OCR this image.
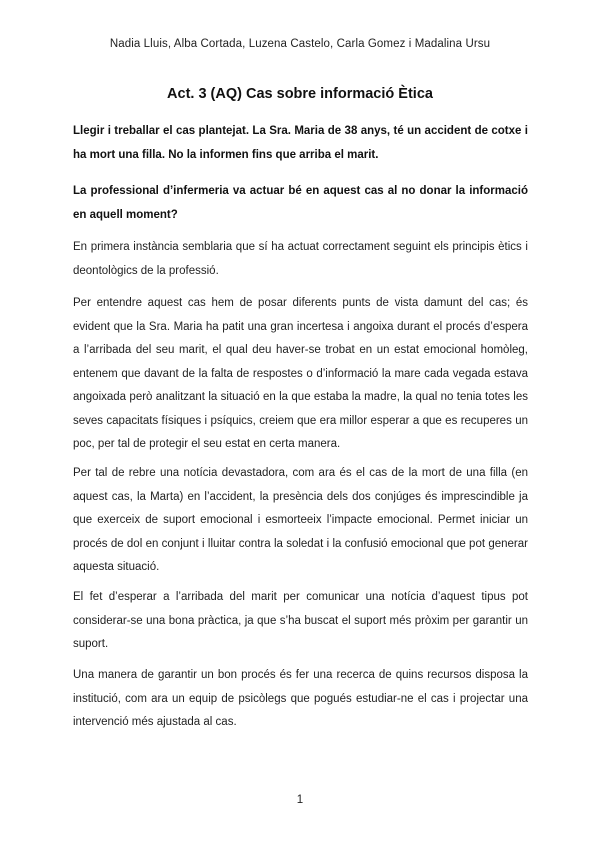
Nadia Lluis, Alba Cortada, Luzena Castelo, Carla Gomez i Madalina Ursu
Act. 3 (AQ) Cas sobre informació Ètica
Llegir i treballar el cas plantejat. La Sra. Maria de 38 anys, té un accident de cotxe i ha mort una filla. No la informen fins que arriba el marit.
La professional d’infermeria va actuar bé en aquest cas al no donar la informació en aquell moment?
En primera instància semblaria que sí ha actuat correctament seguint els principis ètics i deontològics de la professió.
Per entendre aquest cas hem de posar diferents punts de vista damunt del cas; és evident que la Sra. Maria ha patit una gran incertesa i angoixa durant el procés d’espera a l’arribada del seu marit, el qual deu haver-se trobat en un estat emocional homòleg, entenem que davant de la falta de respostes o d’informació la mare cada vegada estava angoixada però analitzant la situació en la que estaba la madre, la qual no tenia totes les seves capacitats físiques i psíquics, creiem que era millor esperar a que es recuperes un poc, per tal de protegir el seu estat en certa manera.
Per tal de rebre una notícia devastadora, com ara és el cas de la mort de una filla (en aquest cas, la Marta) en l’accident, la presència dels dos conjúges és imprescindible ja que exerceix de suport emocional i esmorteeix l’impacte emocional. Permet iniciar un procés de dol en conjunt i lluitar contra la soledat i la confusió emocional que pot generar aquesta situació.
El fet d’esperar a l’arribada del marit per comunicar una notícia d’aquest tipus pot considerar-se una bona pràctica, ja que s’ha buscat el suport més pròxim per garantir un suport.
Una manera de garantir un bon procés és fer una recerca de quins recursos disposa la institució, com ara un equip de psicòlegs que pogués estudiar-ne el cas i projectar una intervenció més ajustada al cas.
1
